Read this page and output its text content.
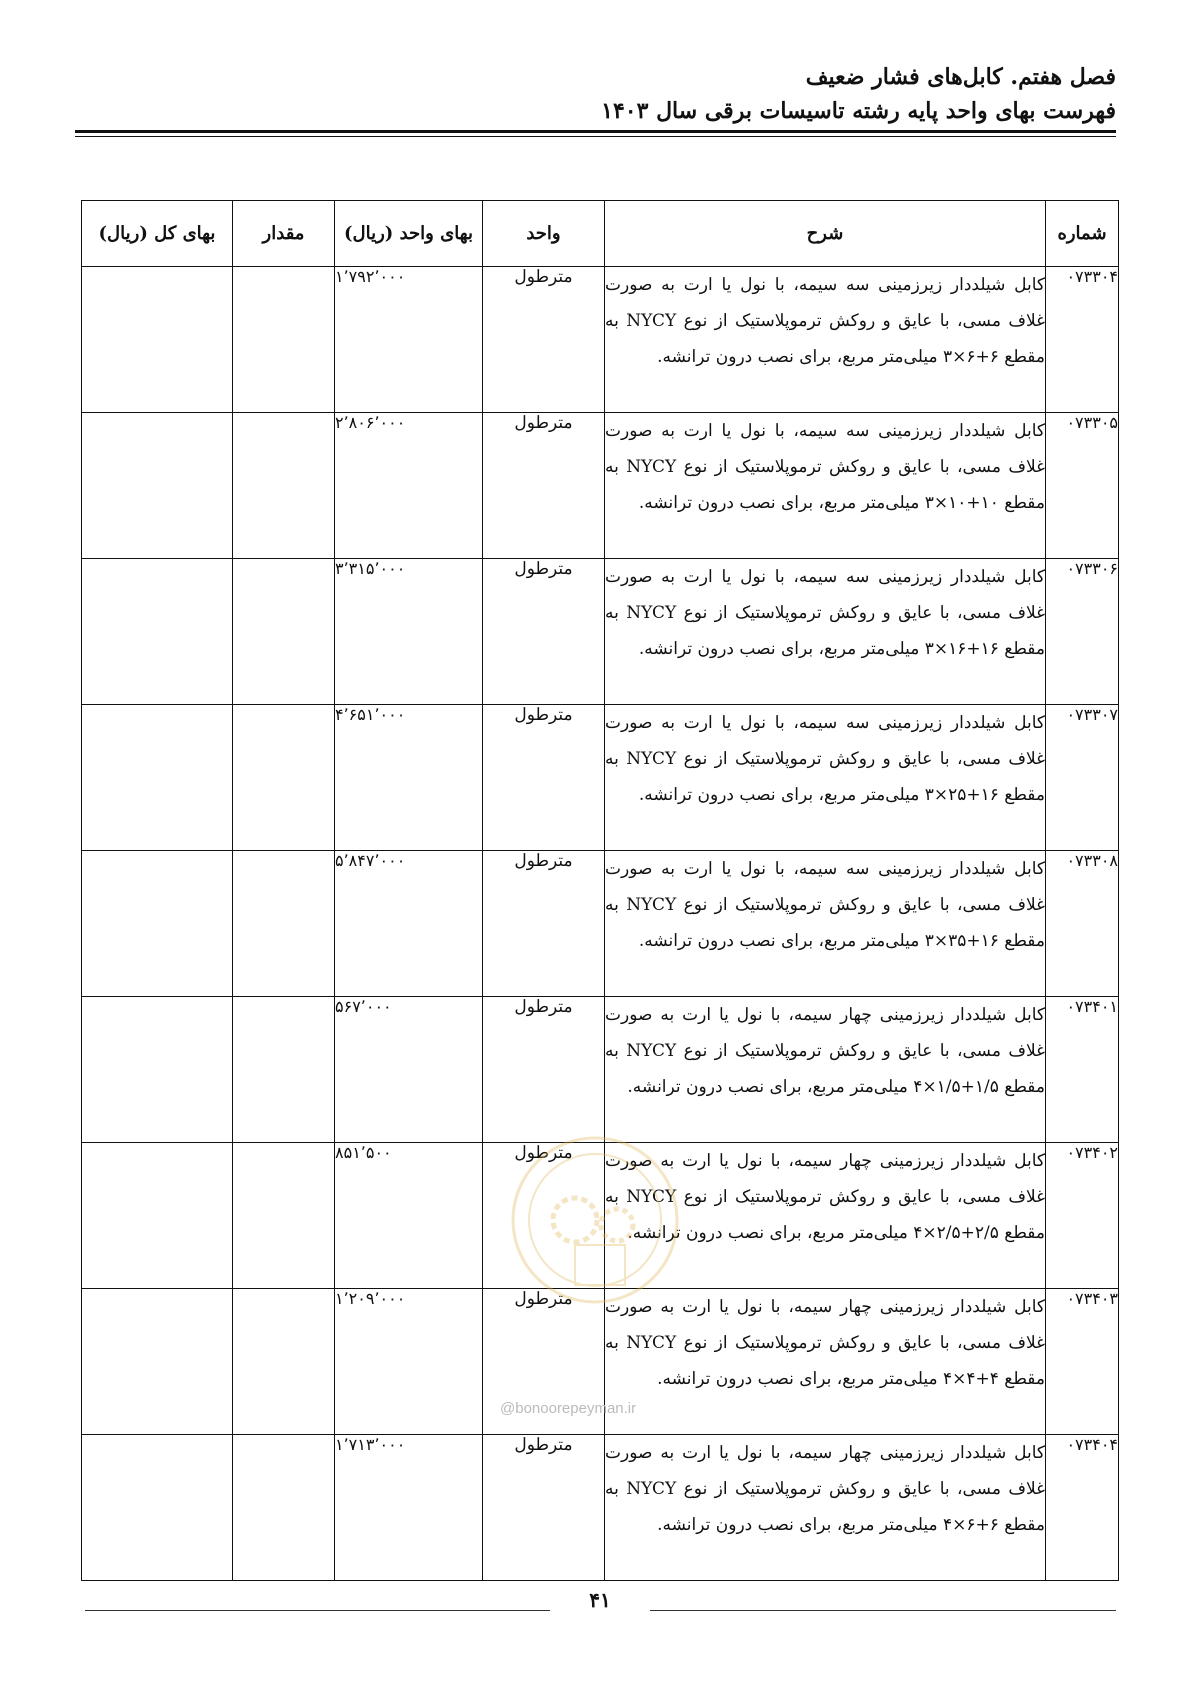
فصل هفتم. کابل‌های فشار ضعیف
فهرست بهای واحد پایه رشته تاسیسات برقی سال ۱۴۰۳
شماره	شرح	واحد	بهای واحد (ریال)	مقدار	بهای کل (ریال)
۰۷۳۳۰۴	کابل شیلددار زیرزمینی سه سیمه، با نول یا ارت به صورت غلاف مسی، با عایق و روکش ترموپلاستیک از نوع NYCY به مقطع ۶+۶×۳ میلی‌متر مربع، برای نصب درون ترانشه.	مترطول	۱٬۷۹۲٬۰۰۰		
۰۷۳۳۰۵	کابل شیلددار زیرزمینی سه سیمه، با نول یا ارت به صورت غلاف مسی، با عایق و روکش ترموپلاستیک از نوع NYCY به مقطع ۱۰+۱۰×۳ میلی‌متر مربع، برای نصب درون ترانشه.	مترطول	۲٬۸۰۶٬۰۰۰		
۰۷۳۳۰۶	کابل شیلددار زیرزمینی سه سیمه، با نول یا ارت به صورت غلاف مسی، با عایق و روکش ترموپلاستیک از نوع NYCY به مقطع ۱۶+۱۶×۳ میلی‌متر مربع، برای نصب درون ترانشه.	مترطول	۳٬۳۱۵٬۰۰۰		
۰۷۳۳۰۷	کابل شیلددار زیرزمینی سه سیمه، با نول یا ارت به صورت غلاف مسی، با عایق و روکش ترموپلاستیک از نوع NYCY به مقطع ۱۶+۲۵×۳ میلی‌متر مربع، برای نصب درون ترانشه.	مترطول	۴٬۶۵۱٬۰۰۰		
۰۷۳۳۰۸	کابل شیلددار زیرزمینی سه سیمه، با نول یا ارت به صورت غلاف مسی، با عایق و روکش ترموپلاستیک از نوع NYCY به مقطع ۱۶+۳۵×۳ میلی‌متر مربع، برای نصب درون ترانشه.	مترطول	۵٬۸۴۷٬۰۰۰		
۰۷۳۴۰۱	کابل شیلددار زیرزمینی چهار سیمه، با نول یا ارت به صورت غلاف مسی، با عایق و روکش ترموپلاستیک از نوع NYCY به مقطع ۱/۵+۱/۵×۴ میلی‌متر مربع، برای نصب درون ترانشه.	مترطول	۵۶۷٬۰۰۰		
۰۷۳۴۰۲	کابل شیلددار زیرزمینی چهار سیمه، با نول یا ارت به صورت غلاف مسی، با عایق و روکش ترموپلاستیک از نوع NYCY به مقطع ۲/۵+۲/۵×۴ میلی‌متر مربع، برای نصب درون ترانشه.	مترطول	۸۵۱٬۵۰۰		
۰۷۳۴۰۳	کابل شیلددار زیرزمینی چهار سیمه، با نول یا ارت به صورت غلاف مسی، با عایق و روکش ترموپلاستیک از نوع NYCY به مقطع ۴+۴×۴ میلی‌متر مربع، برای نصب درون ترانشه.	مترطول	۱٬۲۰۹٬۰۰۰		
۰۷۳۴۰۴	کابل شیلددار زیرزمینی چهار سیمه، با نول یا ارت به صورت غلاف مسی، با عایق و روکش ترموپلاستیک از نوع NYCY به مقطع ۶+۶×۴ میلی‌متر مربع، برای نصب درون ترانشه.	مترطول	۱٬۷۱۳٬۰۰۰		
@bonoorepeyman.ir
۴۱
